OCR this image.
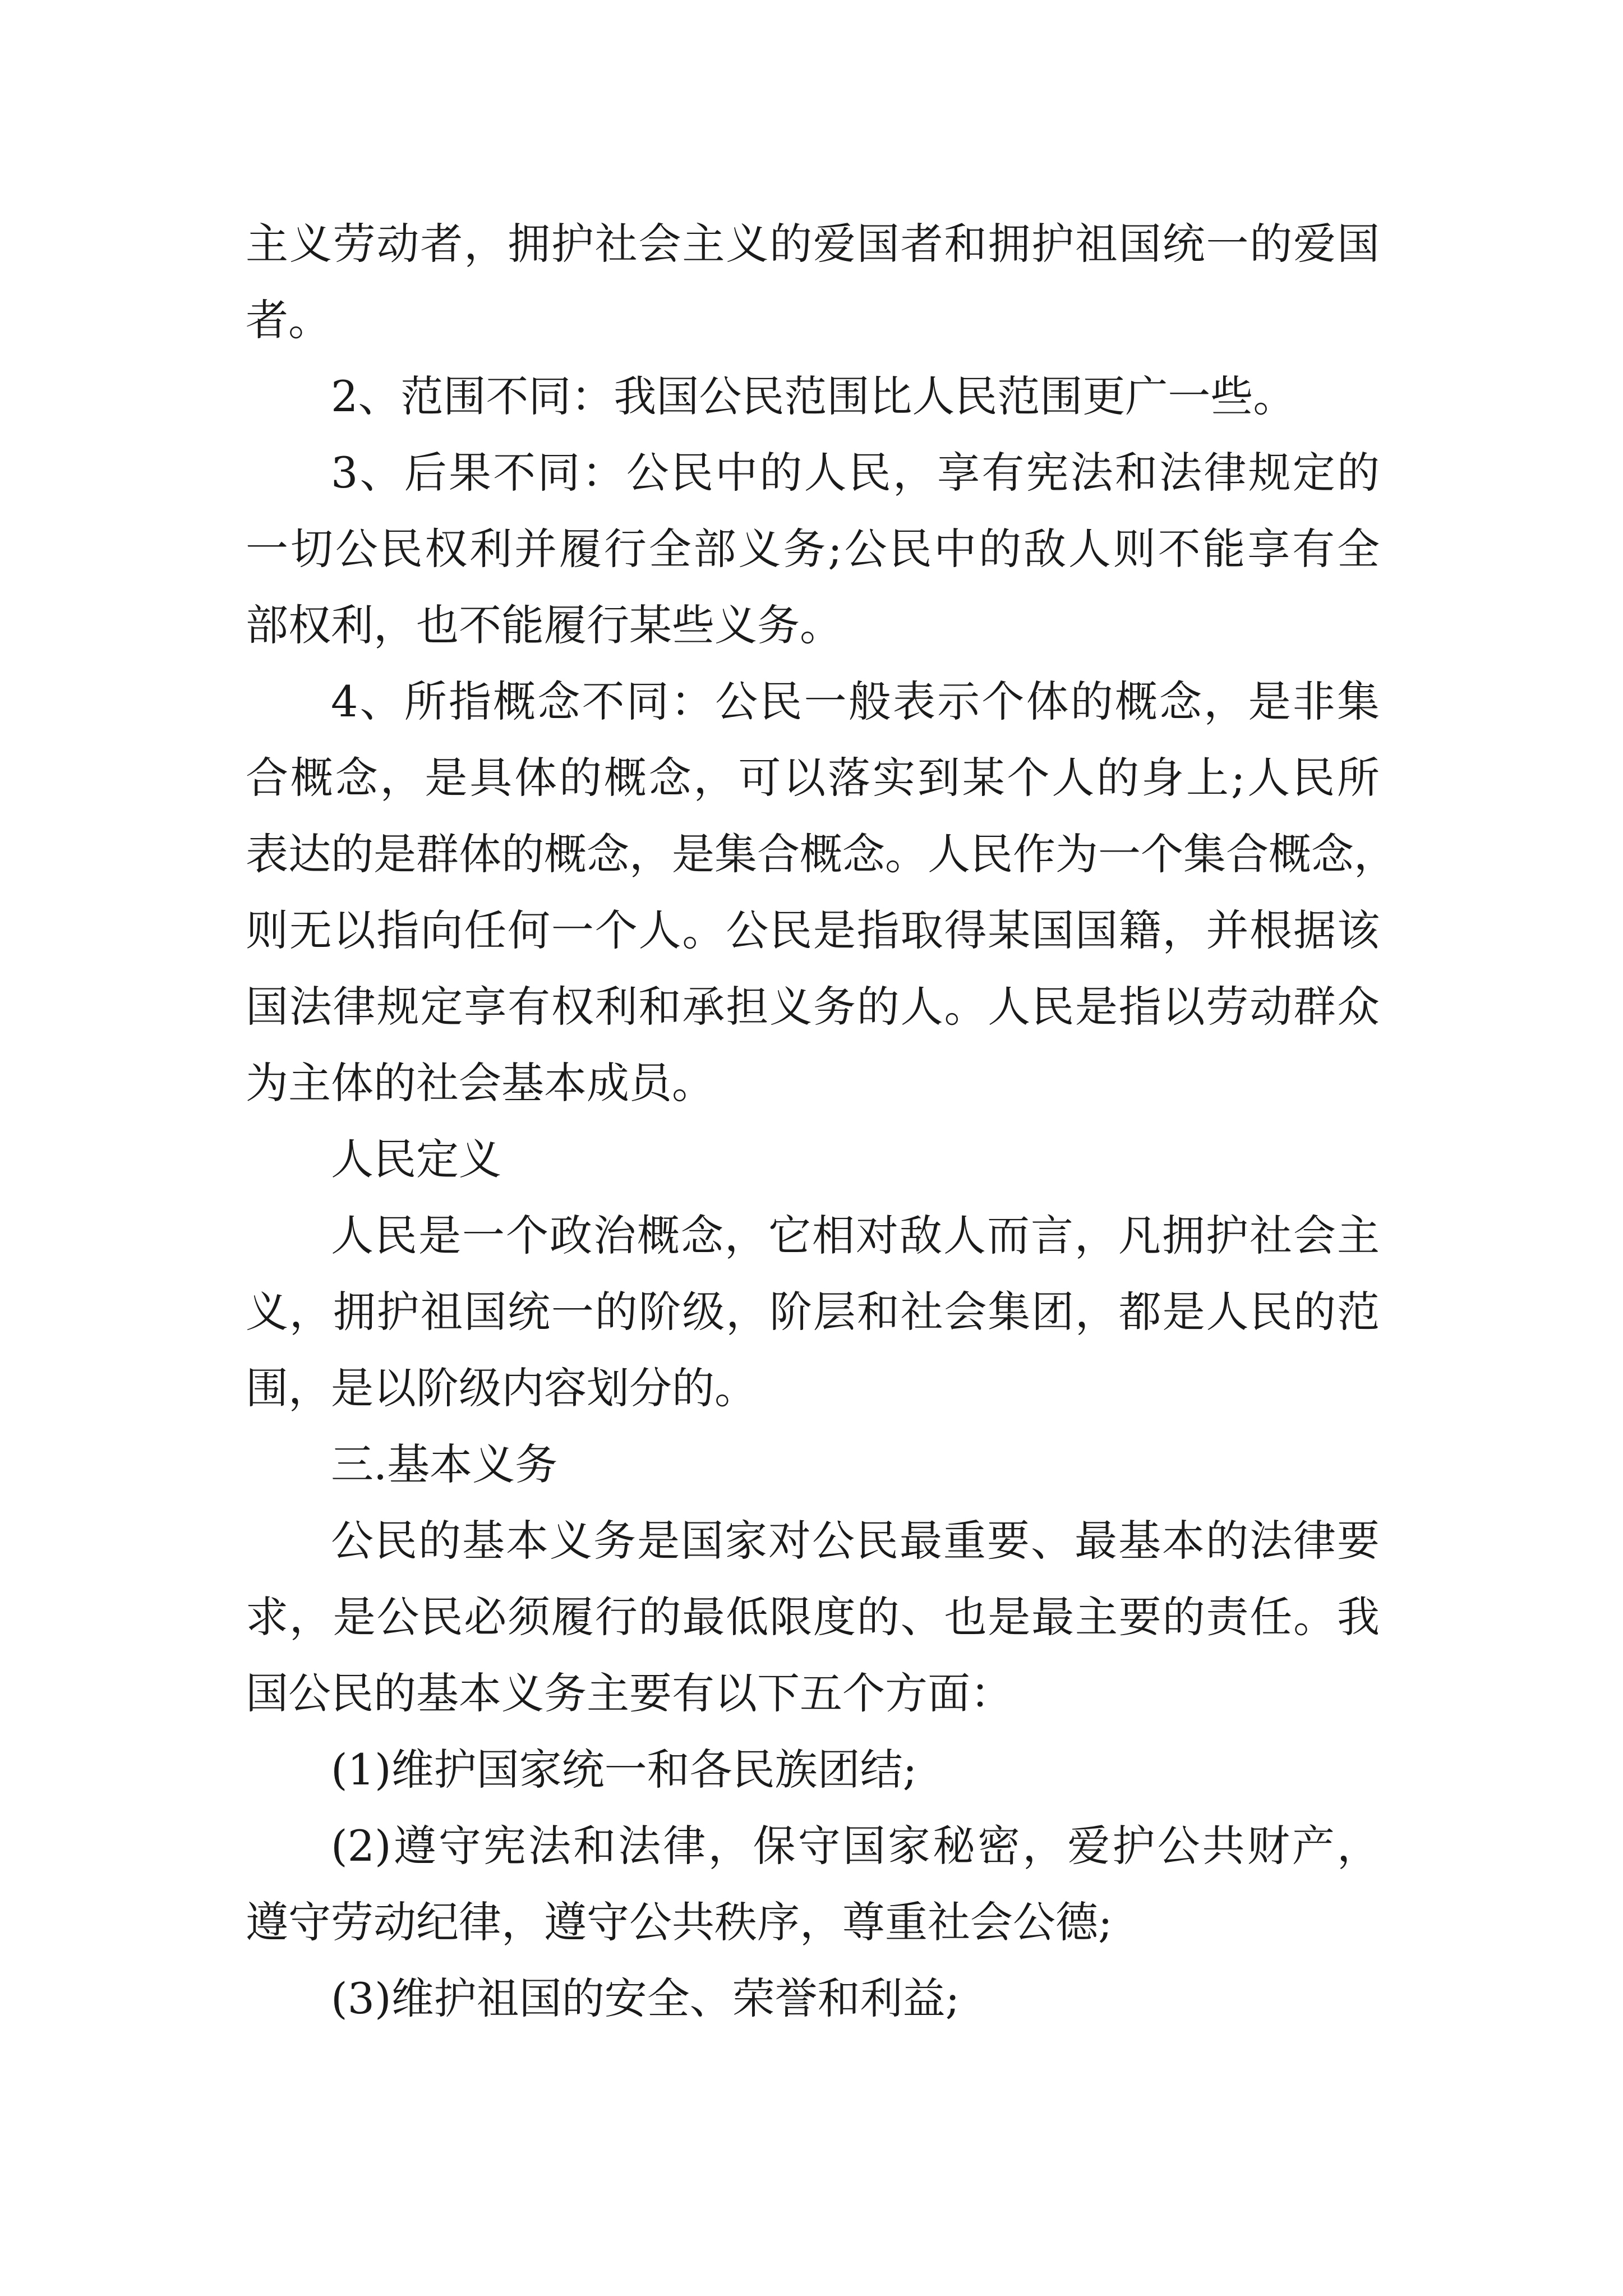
主义劳动者，拥护社会主义的爱国者和拥护祖国统一的爱国

者。

2、范围不同：我国公民范围比人民范围更广一些。

3、后果不同：公民中的人民，享有宪法和法律规定的

一切公民权利并履行全部义务;公民中的敌人则不能享有全

部权利，也不能履行某些义务。

4、所指概念不同：公民一般表示个体的概念，是非集

合概念，是具体的概念，可以落实到某个人的身上;人民所

表达的是群体的概念，是集合概念。人民作为一个集合概念，

则无以指向任何一个人。公民是指取得某国国籍，并根据该

国法律规定享有权利和承担义务的人。人民是指以劳动群众

为主体的社会基本成员。

人民定义

人民是一个政治概念，它相对敌人而言，凡拥护社会主

义，拥护祖国统一的阶级，阶层和社会集团，都是人民的范

围，是以阶级内容划分的。

三.基本义务

公民的基本义务是国家对公民最重要、最基本的法律要

求，是公民必须履行的最低限度的、也是最主要的责任。我

国公民的基本义务主要有以下五个方面：

(1)维护国家统一和各民族团结;

(2)遵守宪法和法律，保守国家秘密，爱护公共财产，

遵守劳动纪律，遵守公共秩序，尊重社会公德;

(3)维护祖国的安全、荣誉和利益;
